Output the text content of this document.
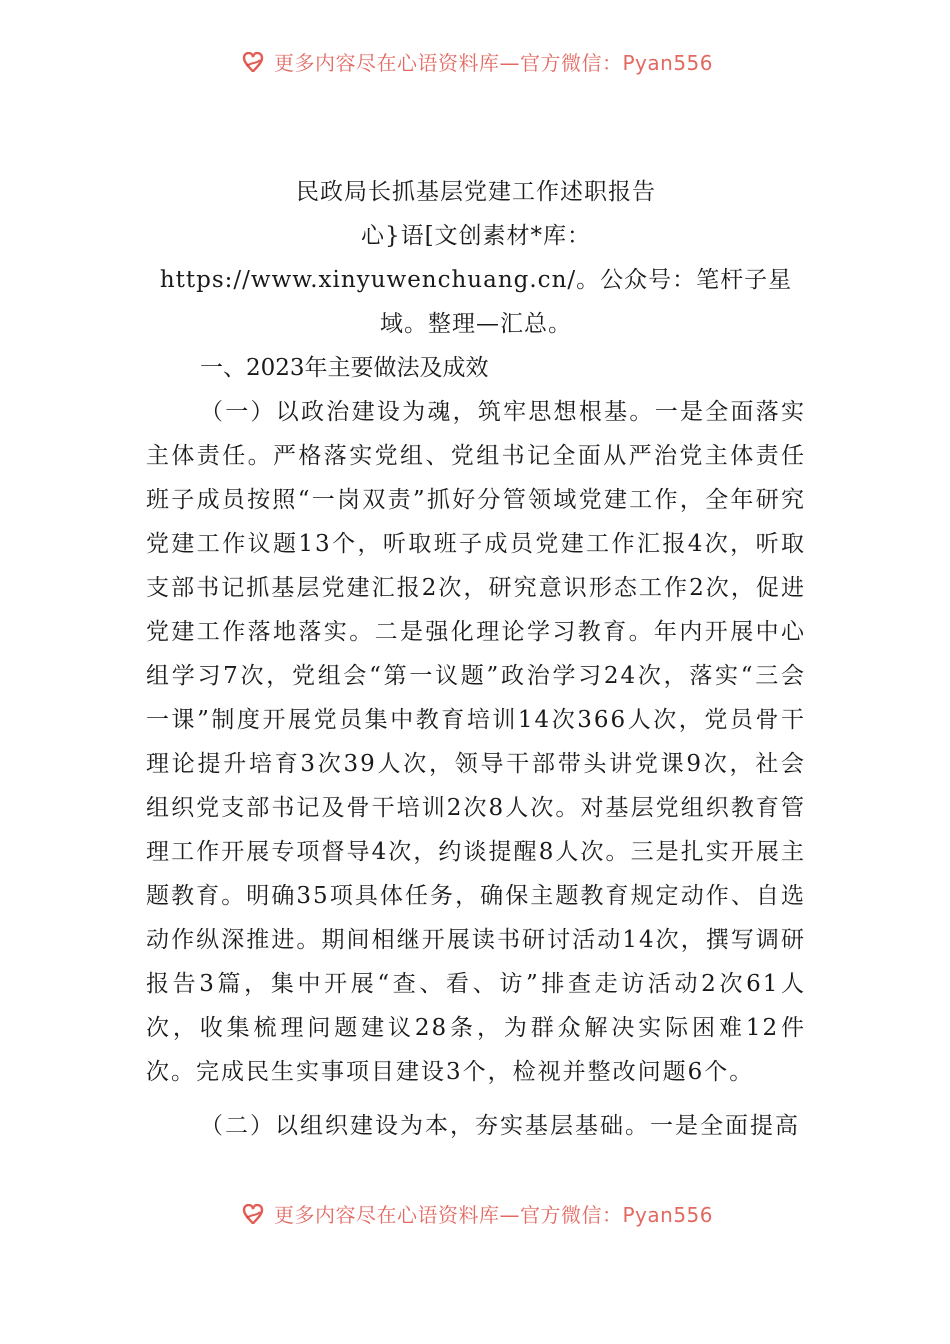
更多内容尽在心语资料库—官方微信：Pyan556

民政局长抓基层党建工作述职报告

心}语[文创素材*库：https://www.xinyuwenchuang.cn/。公众号：笔杆子星域。整理—汇总。

一、2023年主要做法及成效

（一）以政治建设为魂，筑牢思想根基。一是全面落实主体责任。严格落实党组、党组书记全面从严治党主体责任班子成员按照“一岗双责”抓好分管领域党建工作，全年研究党建工作议题13个，听取班子成员党建工作汇报4次，听取支部书记抓基层党建汇报2次，研究意识形态工作2次，促进党建工作落地落实。二是强化理论学习教育。年内开展中心组学习7次，党组会“第一议题”政治学习24次，落实“三会一课”制度开展党员集中教育培训14次366人次，党员骨干理论提升培育3次39人次，领导干部带头讲党课9次，社会组织党支部书记及骨干培训2次8人次。对基层党组织教育管理工作开展专项督导4次，约谈提醒8人次。三是扎实开展主题教育。明确35项具体任务，确保主题教育规定动作、自选动作纵深推进。期间相继开展读书研讨活动14次，撰写调研报告3篇，集中开展“查、看、访”排查走访活动2次61人次，收集梳理问题建议28条，为群众解决实际困难12件次。完成民生实事项目建设3个，检视并整改问题6个。

（二）以组织建设为本，夯实基层基础。一是全面提高

更多内容尽在心语资料库—官方微信：Pyan556
